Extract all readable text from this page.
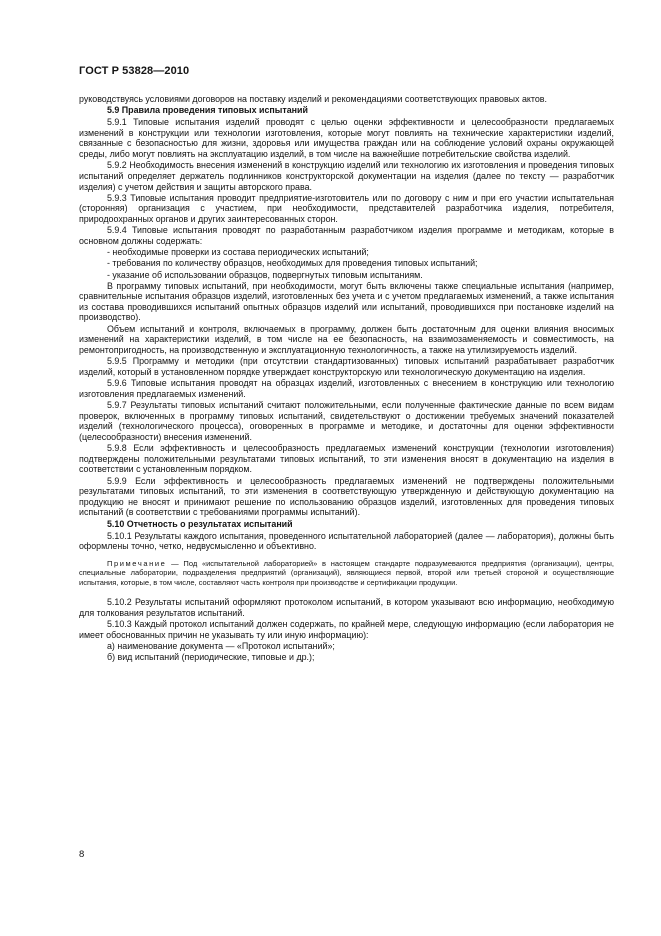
ГОСТ Р 53828—2010
руководствуясь условиями договоров на поставку изделий и рекомендациями соответствующих правовых актов.
5.9 Правила проведения типовых испытаний
5.9.1 Типовые испытания изделий проводят с целью оценки эффективности и целесообразности предлагаемых изменений в конструкции или технологии изготовления, которые могут повлиять на технические характеристики изделий, связанные с безопасностью для жизни, здоровья или имущества граждан или на соблюдение условий охраны окружающей среды, либо могут повлиять на эксплуатацию изделий, в том числе на важнейшие потребительские свойства изделий.
5.9.2 Необходимость внесения изменений в конструкцию изделий или технологию их изготовления и проведения типовых испытаний определяет держатель подлинников конструкторской документации на изделия (далее по тексту — разработчик изделия) с учетом действия и защиты авторского права.
5.9.3 Типовые испытания проводит предприятие-изготовитель или по договору с ним и при его участии испытательная (сторонняя) организация с участием, при необходимости, представителей разработчика изделия, потребителя, природоохранных органов и других заинтересованных сторон.
5.9.4 Типовые испытания проводят по разработанным разработчиком изделия программе и методикам, которые в основном должны содержать:
- необходимые проверки из состава периодических испытаний;
- требования по количеству образцов, необходимых для проведения типовых испытаний;
- указание об использовании образцов, подвергнутых типовым испытаниям.
В программу типовых испытаний, при необходимости, могут быть включены также специальные испытания (например, сравнительные испытания образцов изделий, изготовленных без учета и с учетом предлагаемых изменений, а также испытания из состава проводившихся испытаний опытных образцов изделий или испытаний, проводившихся при постановке изделий на производство).
Объем испытаний и контроля, включаемых в программу, должен быть достаточным для оценки влияния вносимых изменений на характеристики изделий, в том числе на ее безопасность, на взаимозаменяемость и совместимость, на ремонтопригодность, на производственную и эксплуатационную технологичность, а также на утилизируемость изделий.
5.9.5 Программу и методики (при отсутствии стандартизованных) типовых испытаний разрабатывает разработчик изделий, который в установленном порядке утверждает конструкторскую или технологическую документацию на изделия.
5.9.6 Типовые испытания проводят на образцах изделий, изготовленных с внесением в конструкцию или технологию изготовления предлагаемых изменений.
5.9.7 Результаты типовых испытаний считают положительными, если полученные фактические данные по всем видам проверок, включенных в программу типовых испытаний, свидетельствуют о достижении требуемых значений показателей изделий (технологического процесса), оговоренных в программе и методике, и достаточны для оценки эффективности (целесообразности) внесения изменений.
5.9.8 Если эффективность и целесообразность предлагаемых изменений конструкции (технологии изготовления) подтверждены положительными результатами типовых испытаний, то эти изменения вносят в документацию на изделия в соответствии с установленным порядком.
5.9.9 Если эффективность и целесообразность предлагаемых изменений не подтверждены положительными результатами типовых испытаний, то эти изменения в соответствующую утвержденную и действующую документацию на продукцию не вносят и принимают решение по использованию образцов изделий, изготовленных для проведения типовых испытаний (в соответствии с требованиями программы испытаний).
5.10 Отчетность о результатах испытаний
5.10.1 Результаты каждого испытания, проведенного испытательной лабораторией (далее — лаборатория), должны быть оформлены точно, четко, недвусмысленно и объективно.
Примечание — Под «испытательной лабораторией» в настоящем стандарте подразумеваются предприятия (организации), центры, специальные лаборатории, подразделения предприятий (организаций), являющиеся первой, второй или третьей стороной и осуществляющие испытания, которые, в том числе, составляют часть контроля при производстве и сертификации продукции.
5.10.2 Результаты испытаний оформляют протоколом испытаний, в котором указывают всю информацию, необходимую для толкования результатов испытаний.
5.10.3 Каждый протокол испытаний должен содержать, по крайней мере, следующую информацию (если лаборатория не имеет обоснованных причин не указывать ту или иную информацию):
а) наименование документа — «Протокол испытаний»;
б) вид испытаний (периодические, типовые и др.);
8
